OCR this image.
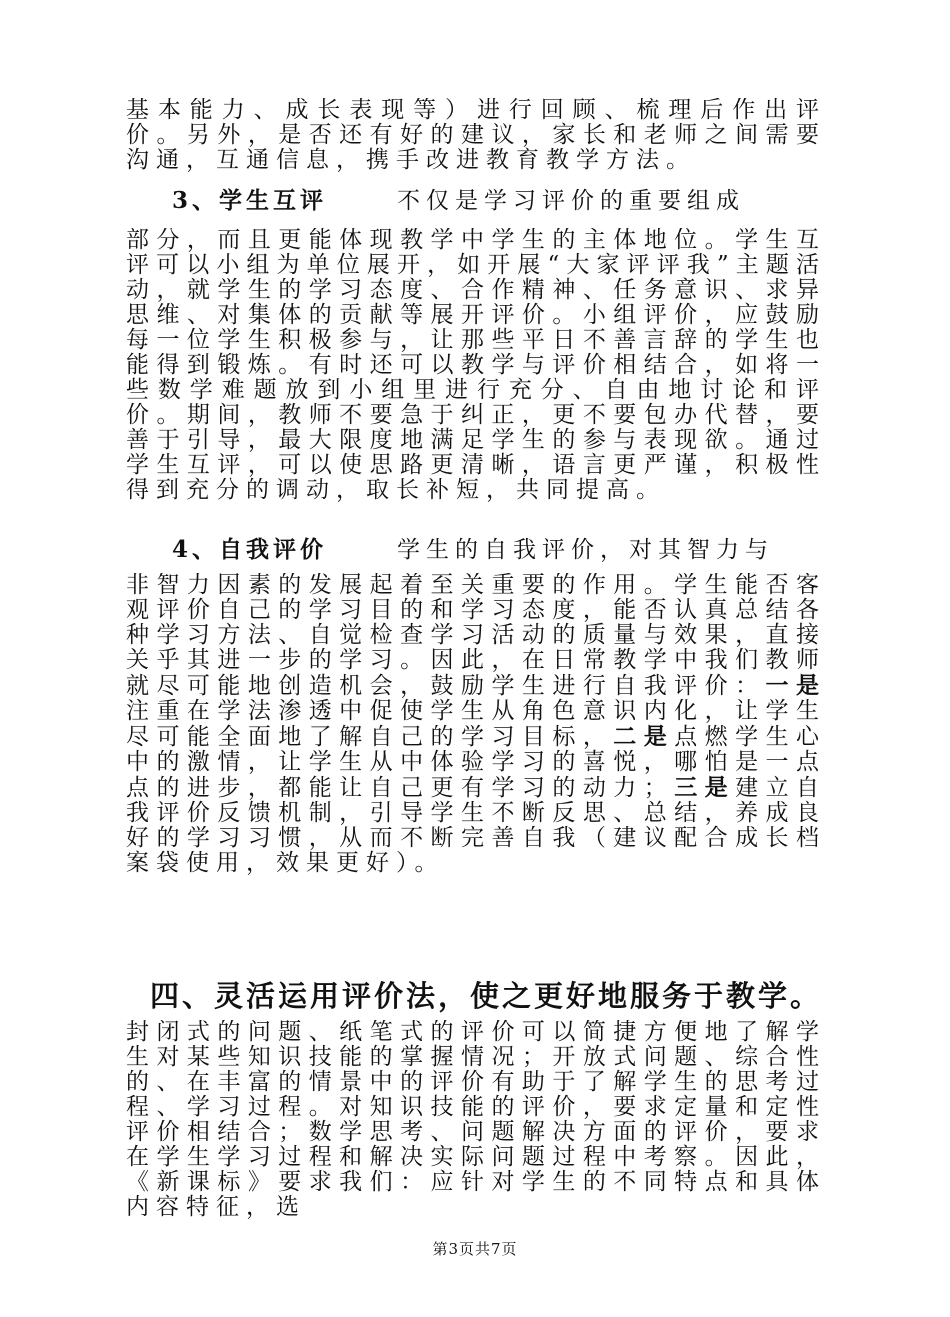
基本能力、成长表现等）进行回顾、梳理后作出评价。另外，是否还有好的建议，家长和老师之间需要沟通，互通信息，携手改进教育教学方法。
3、学生互评	不仅是学习评价的重要组成
部分，而且更能体现教学中学生的主体地位。学生互评可以小组为单位展开，如开展“大家评评我”主题活动，就学生的学习态度、合作精神、任务意识、求异思维、对集体的贡献等展开评价。小组评价，应鼓励每一位学生积极参与，让那些平日不善言辞的学生也能得到锻炼。有时还可以教学与评价相结合，如将一些数学难题放到小组里进行充分、自由地讨论和评价。期间，教师不要急于纠正，更不要包办代替，要善于引导，最大限度地满足学生的参与表现欲。通过学生互评，可以使思路更清晰，语言更严谨，积极性得到充分的调动，取长补短，共同提高。
4、自我评价	学生的自我评价，对其智力与
非智力因素的发展起着至关重要的作用。学生能否客观评价自己的学习目的和学习态度，能否认真总结各种学习方法、自觉检查学习活动的质量与效果，直接关乎其进一步的学习。因此，在日常教学中我们教师就尽可能地创造机会，鼓励学生进行自我评价：一是注重在学法渗透中促使学生从角色意识内化，让学生尽可能全面地了解自己的学习目标，二是点燃学生心中的激情，让学生从中体验学习的喜悦，哪怕是一点点的进步，都能让自己更有学习的动力；三是建立自我评价反馈机制，引导学生不断反思、总结，养成良好的学习习惯，从而不断完善自我（建议配合成长档案袋使用，效果更好）。
四、灵活运用评价法，使之更好地服务于教学。
封闭式的问题、纸笔式的评价可以简捷方便地了解学生对某些知识技能的掌握情况；开放式问题、综合性的、在丰富的情景中的评价有助于了解学生的思考过程、学习过程。对知识技能的评价，要求定量和定性评价相结合；数学思考、问题解决方面的评价，要求在学生学习过程和解决实际问题过程中考察。因此，《新课标》要求我们：应针对学生的不同特点和具体内容特征，选
第3页共7页
